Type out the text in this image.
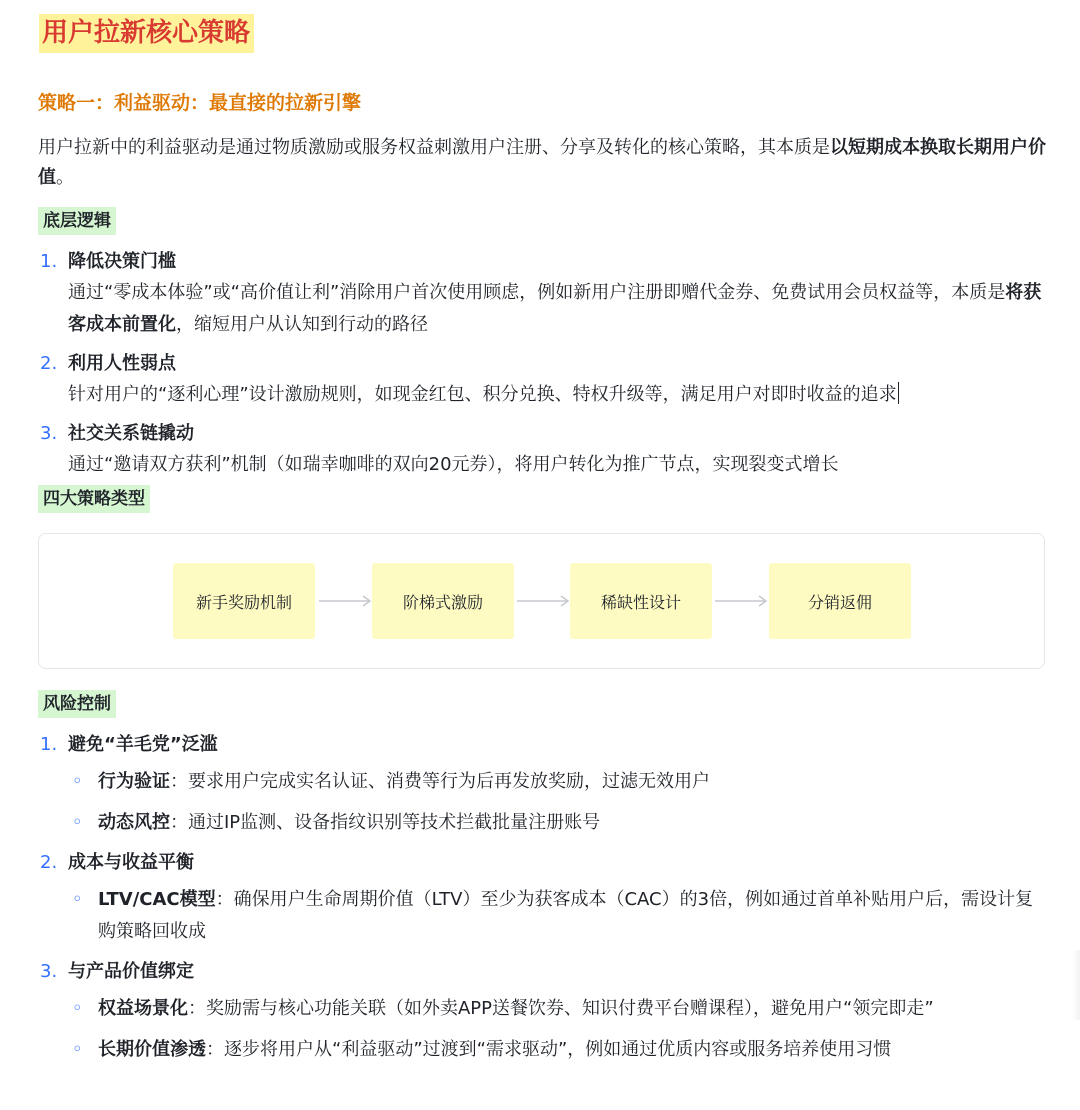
用户拉新核心策略
策略一：利益驱动：最直接的拉新引擎
用户拉新中的利益驱动是通过物质激励或服务权益刺激用户注册、分享及转化的核心策略，其本质是以短期成本换取长期用户价值。
底层逻辑
1. 降低决策门槛
通过“零成本体验”或“高价值让利”消除用户首次使用顾虑，例如新用户注册即赠代金券、免费试用会员权益等，本质是将获客成本前置化，缩短用户从认知到行动的路径
2. 利用人性弱点
针对用户的“逐利心理”设计激励规则，如现金红包、积分兑换、特权升级等，满足用户对即时收益的追求
3. 社交关系链撬动
通过“邀请双方获利”机制（如瑞幸咖啡的双向20元券），将用户转化为推广节点，实现裂变式增长
四大策略类型
新手奖励机制	阶梯式激励	稀缺性设计	分销返佣
风险控制
1. 避免“羊毛党”泛滥
◦ 行为验证：要求用户完成实名认证、消费等行为后再发放奖励，过滤无效用户
◦ 动态风控：通过IP监测、设备指纹识别等技术拦截批量注册账号
2. 成本与收益平衡
◦ LTV/CAC模型：确保用户生命周期价值（LTV）至少为获客成本（CAC）的3倍，例如通过首单补贴用户后，需设计复购策略回收成
3. 与产品价值绑定
◦ 权益场景化：奖励需与核心功能关联（如外卖APP送餐饮券、知识付费平台赠课程），避免用户“领完即走”
◦ 长期价值渗透：逐步将用户从“利益驱动”过渡到“需求驱动”，例如通过优质内容或服务培养使用习惯
